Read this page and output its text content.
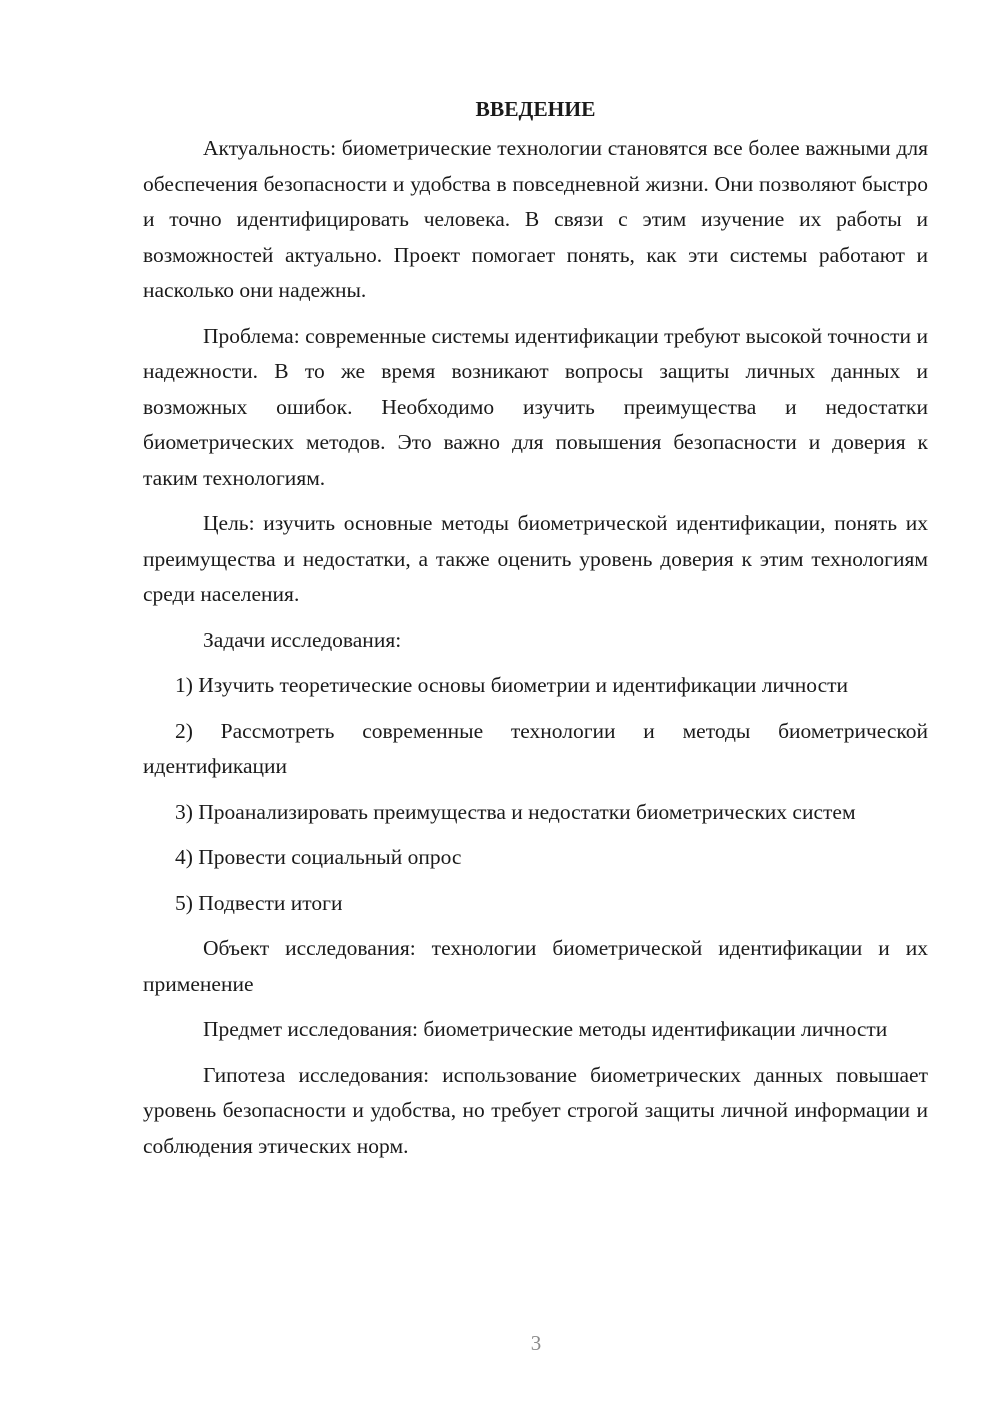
ВВЕДЕНИЕ

Актуальность: биометрические технологии становятся все более важными для обеспечения безопасности и удобства в повседневной жизни. Они позволяют быстро и точно идентифицировать человека. В связи с этим изучение их работы и возможностей актуально. Проект помогает понять, как эти системы работают и насколько они надежны.

Проблема: современные системы идентификации требуют высокой точности и надежности. В то же время возникают вопросы защиты личных данных и возможных ошибок. Необходимо изучить преимущества и недостатки биометрических методов. Это важно для повышения безопасности и доверия к таким технологиям.

Цель: изучить основные методы биометрической идентификации, понять их преимущества и недостатки, а также оценить уровень доверия к этим технологиям среди населения.

Задачи исследования:

1) Изучить теоретические основы биометрии и идентификации личности

2) Рассмотреть современные технологии и методы биометрической идентификации

3) Проанализировать преимущества и недостатки биометрических систем

4) Провести социальный опрос

5) Подвести итоги

Объект исследования: технологии биометрической идентификации и их применение

Предмет исследования: биометрические методы идентификации личности

Гипотеза исследования: использование биометрических данных повышает уровень безопасности и удобства, но требует строгой защиты личной информации и соблюдения этических норм.

3
